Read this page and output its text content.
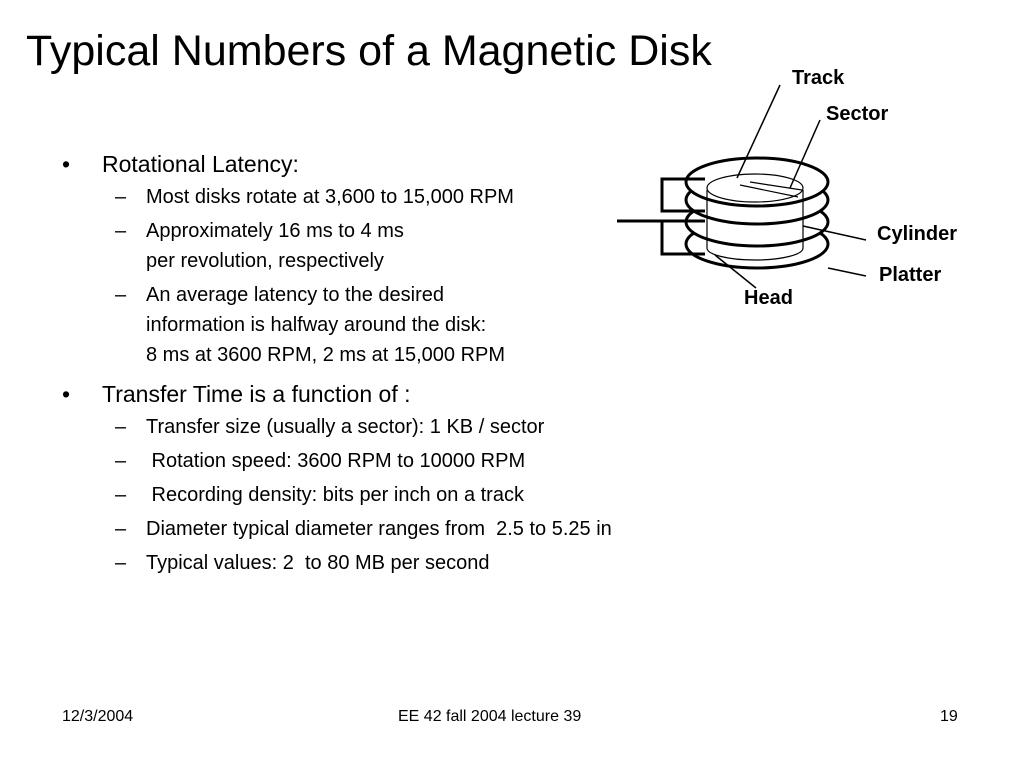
Typical Numbers of a Magnetic Disk
•	Rotational Latency:
– Most disks rotate at 3,600 to 15,000 RPM
– Approximately 16 ms to 4 ms
per revolution, respectively
– An average latency to the desired
information is halfway around the disk:
8 ms at 3600 RPM, 2 ms at 15,000 RPM
•	Transfer Time is a function of :
– Transfer size (usually a sector): 1 KB / sector
– Rotation speed: 3600 RPM to 10000 RPM
– Recording density: bits per inch on a track
– Diameter typical diameter ranges from  2.5 to 5.25 in
– Typical values: 2  to 80 MB per second
Track
Sector
Cylinder
Platter
Head
12/3/2004	EE 42 fall 2004 lecture 39	19
